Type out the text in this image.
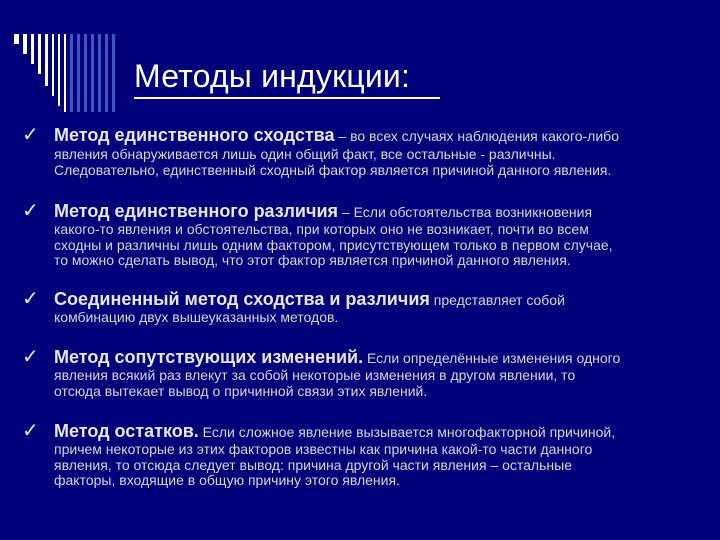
Методы индукции:
✓ Метод единственного сходства – во всех случаях наблюдения какого-либо
явления обнаруживается лишь один общий факт, все остальные - различны.
Следовательно, единственный сходный фактор является причиной данного явления.
✓ Метод единственного различия – Если обстоятельства возникновения
какого-то явления и обстоятельства, при которых оно не возникает, почти во всем
сходны и различны лишь одним фактором, присутствующем только в первом случае,
то можно сделать вывод, что этот фактор является причиной данного явления.
✓ Соединенный метод сходства и различия представляет собой
комбинацию двух вышеуказанных методов.
✓ Метод сопутствующих изменений. Если определённые изменения одного
явления всякий раз влекут за собой некоторые изменения в другом явлении, то
отсюда вытекает вывод о причинной связи этих явлений.
✓ Метод остатков. Если сложное явление вызывается многофакторной причиной,
причем некоторые из этих факторов известны как причина какой-то части данного
явления, то отсюда следует вывод: причина другой части явления – остальные
факторы, входящие в общую причину этого явления.
